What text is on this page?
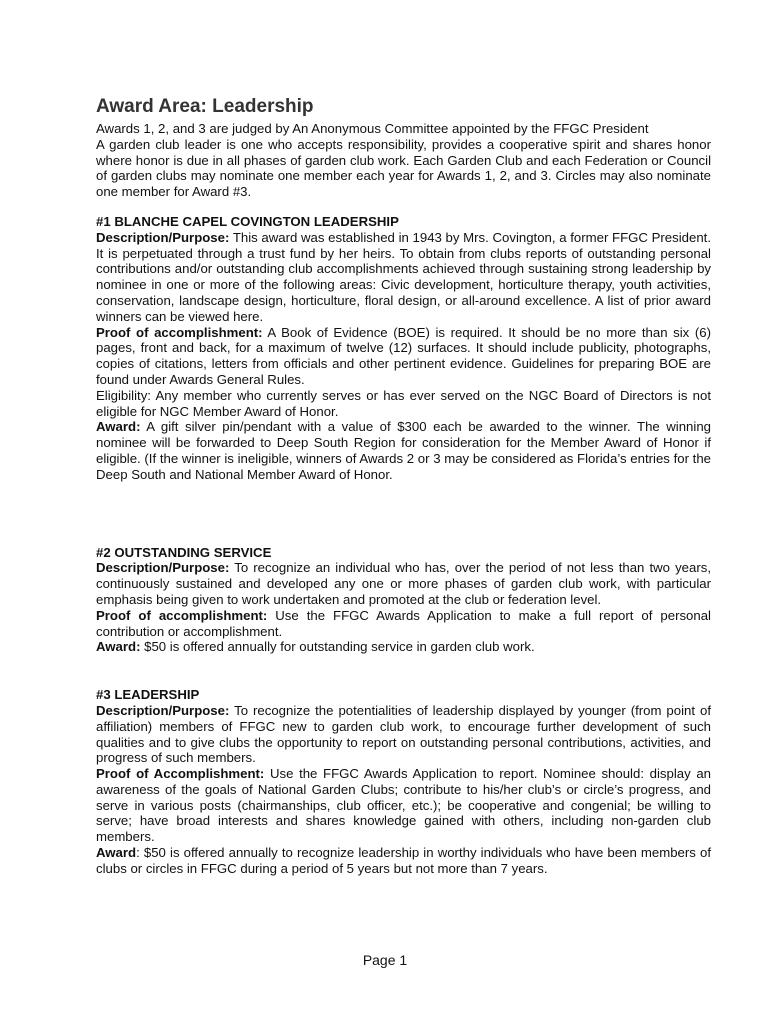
Award Area: Leadership

Awards 1, 2, and 3 are judged by An Anonymous Committee appointed by the FFGC President

A garden club leader is one who accepts responsibility, provides a cooperative spirit and shares honor where honor is due in all phases of garden club work. Each Garden Club and each Federation or Council of garden clubs may nominate one member each year for Awards 1, 2, and 3. Circles may also nominate one member for Award #3.

#1 BLANCHE CAPEL COVINGTON LEADERSHIP

Description/Purpose: This award was established in 1943 by Mrs. Covington, a former FFGC President. It is perpetuated through a trust fund by her heirs. To obtain from clubs reports of outstanding personal contributions and/or outstanding club accomplishments achieved through sustaining strong leadership by nominee in one or more of the following areas: Civic development, horticulture therapy, youth activities, conservation, landscape design, horticulture, floral design, or all-around excellence. A list of prior award winners can be viewed here.

Proof of accomplishment: A Book of Evidence (BOE) is required. It should be no more than six (6) pages, front and back, for a maximum of twelve (12) surfaces. It should include publicity, photographs, copies of citations, letters from officials and other pertinent evidence. Guidelines for preparing BOE are found under Awards General Rules.

Eligibility: Any member who currently serves or has ever served on the NGC Board of Directors is not eligible for NGC Member Award of Honor.

Award: A gift silver pin/pendant with a value of $300 each be awarded to the winner. The winning nominee will be forwarded to Deep South Region for consideration for the Member Award of Honor if eligible. (If the winner is ineligible, winners of Awards 2 or 3 may be considered as Florida’s entries for the Deep South and National Member Award of Honor.

#2 OUTSTANDING SERVICE

Description/Purpose: To recognize an individual who has, over the period of not less than two years, continuously sustained and developed any one or more phases of garden club work, with particular emphasis being given to work undertaken and promoted at the club or federation level.

Proof of accomplishment: Use the FFGC Awards Application to make a full report of personal contribution or accomplishment.

Award: $50 is offered annually for outstanding service in garden club work.

#3 LEADERSHIP

Description/Purpose: To recognize the potentialities of leadership displayed by younger (from point of affiliation) members of FFGC new to garden club work, to encourage further development of such qualities and to give clubs the opportunity to report on outstanding personal contributions, activities, and progress of such members.

Proof of Accomplishment: Use the FFGC Awards Application to report. Nominee should: display an awareness of the goals of National Garden Clubs; contribute to his/her club’s or circle’s progress, and serve in various posts (chairmanships, club officer, etc.); be cooperative and congenial; be willing to serve; have broad interests and shares knowledge gained with others, including non-garden club members.

Award: $50 is offered annually to recognize leadership in worthy individuals who have been members of clubs or circles in FFGC during a period of 5 years but not more than 7 years.

Page 1
